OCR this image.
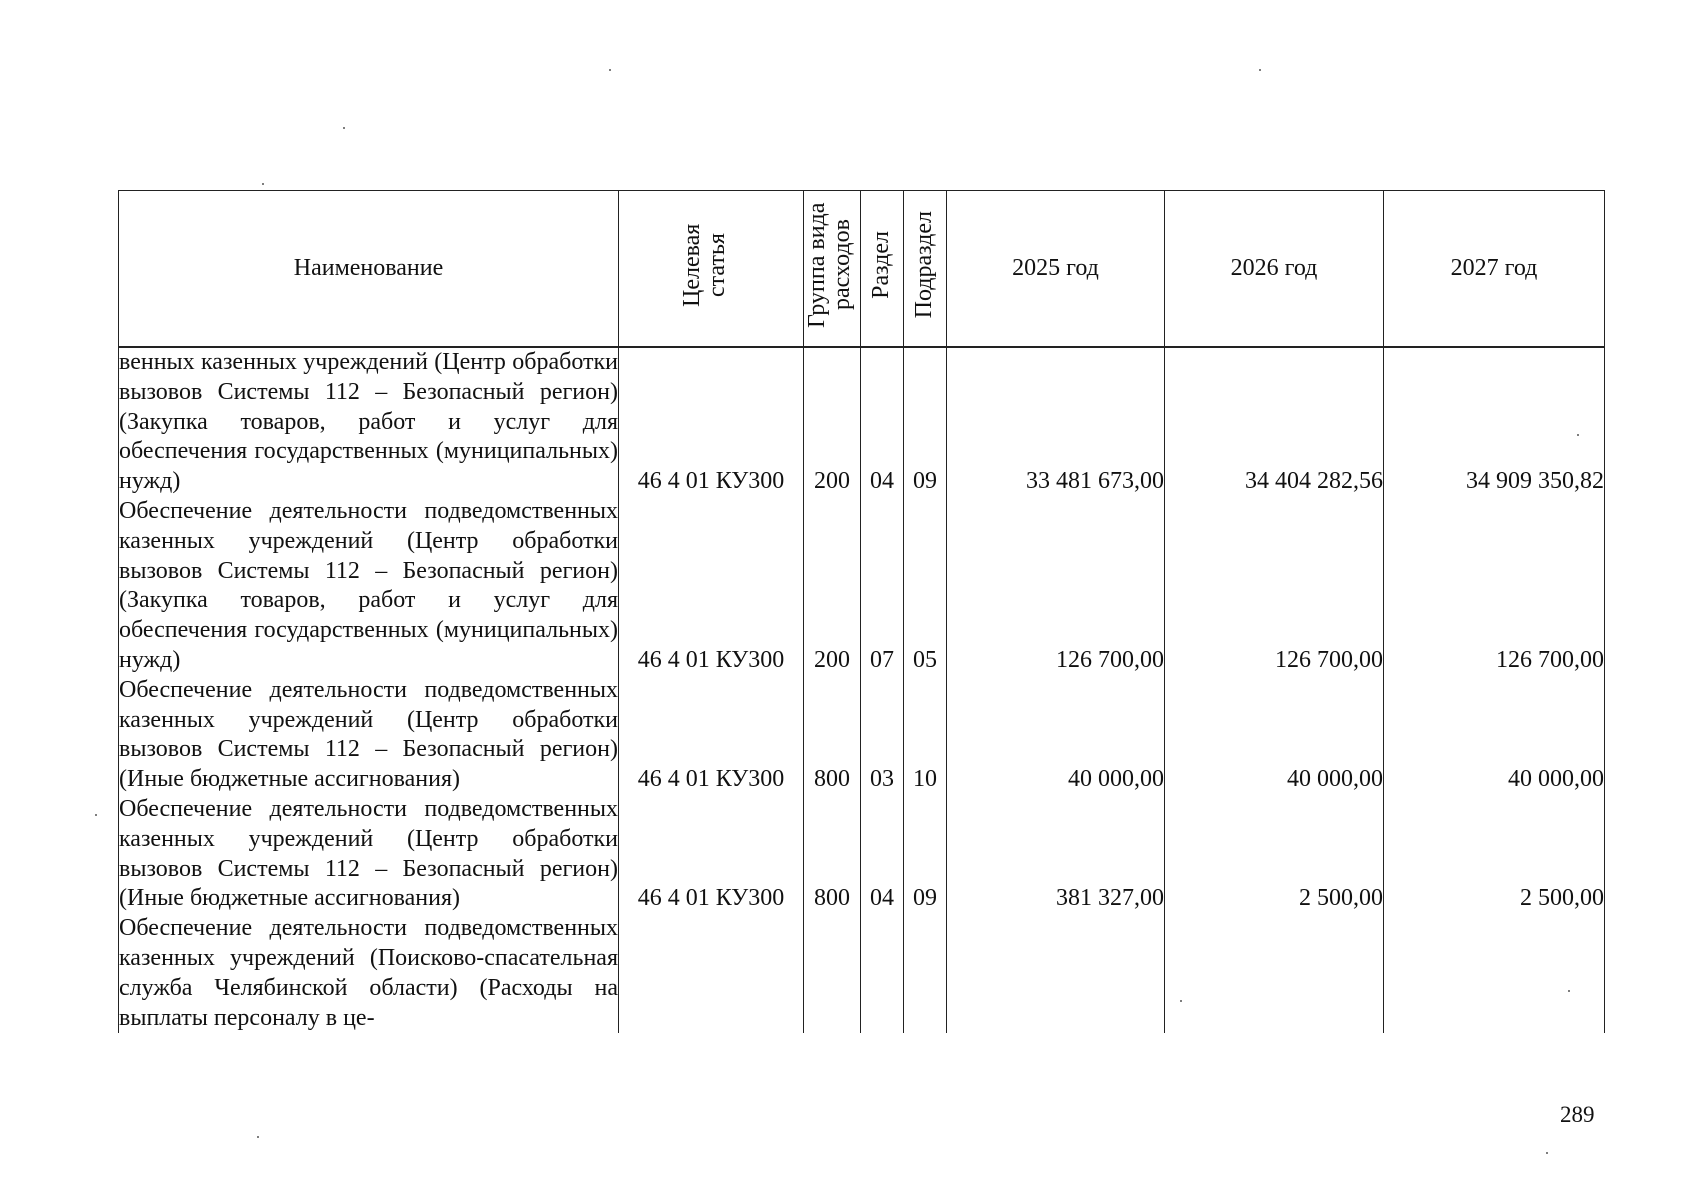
Наименование	Целевая статья	Группа вида расходов	Раздел	Подраздел	2025 год	2026 год	2027 год
венных казенных учреждений (Центр обработки вызовов Системы 112 – Безопасный регион) (Закупка товаров, работ и услуг для обеспечения государственных (муниципальных) нужд)	46 4 01 КУ300	200	04	09	33 481 673,00	34 404 282,56	34 909 350,82
Обеспечение деятельности подведомственных казенных учреждений (Центр обработки вызовов Системы 112 – Безопасный регион) (Закупка товаров, работ и услуг для обеспечения государственных (муниципальных) нужд)	46 4 01 КУ300	200	07	05	126 700,00	126 700,00	126 700,00
Обеспечение деятельности подведомственных казенных учреждений (Центр обработки вызовов Системы 112 – Безопасный регион) (Иные бюджетные ассигнования)	46 4 01 КУ300	800	03	10	40 000,00	40 000,00	40 000,00
Обеспечение деятельности подведомственных казенных учреждений (Центр обработки вызовов Системы 112 – Безопасный регион) (Иные бюджетные ассигнования)	46 4 01 КУ300	800	04	09	381 327,00	2 500,00	2 500,00
Обеспечение деятельности подведомственных казенных учреждений (Поисково-спасательная служба Челябинской области) (Расходы на выплаты персоналу в це-							
289
